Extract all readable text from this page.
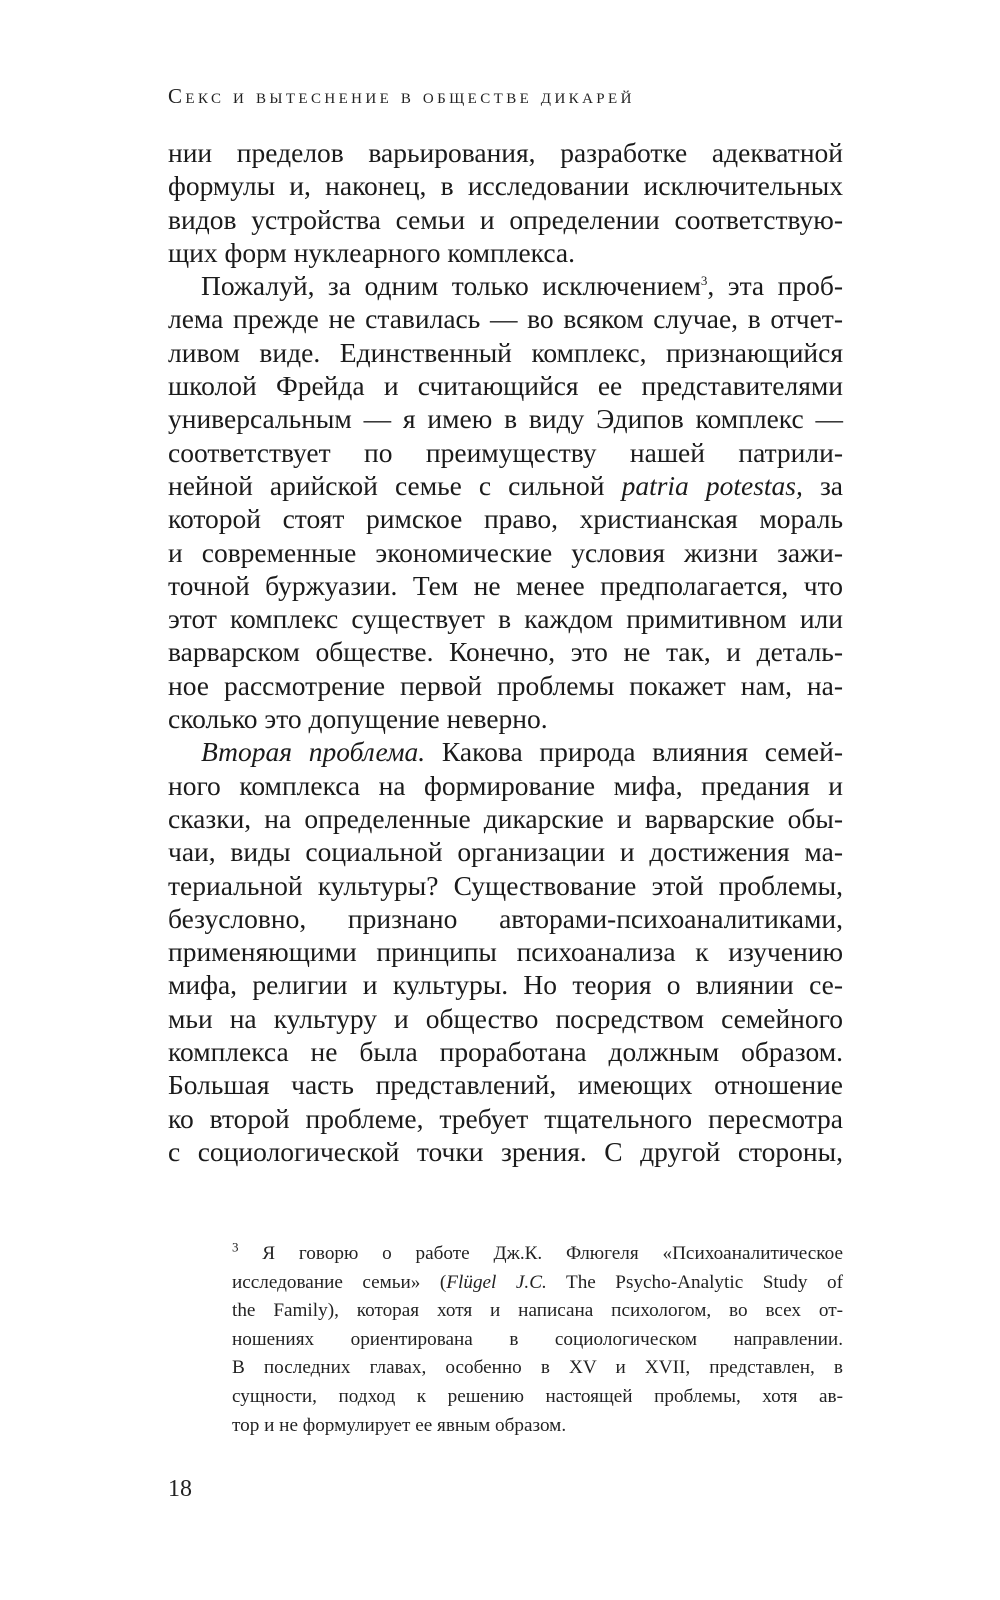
Секс и вытеснение в обществе дикарей
нии пределов варьирования, разработке адекватной
формулы и, наконец, в исследовании исключительных
видов устройства семьи и определении соответствую-
щих форм нуклеарного комплекса.
Пожалуй, за одним только исключением$^3$, эта проб-
лема прежде не ставилась — во всяком случае, в отчет-
ливом виде. Единственный комплекс, признающийся
школой Фрейда и считающийся ее представителями
универсальным — я имею в виду Эдипов комплекс —
соответствует по преимуществу нашей патрили-
нейной арийской семье с сильной patria potestas, за
которой стоят римское право, христианская мораль
и современные экономические условия жизни зажи-
точной буржуазии. Тем не менее предполагается, что
этот комплекс существует в каждом примитивном или
варварском обществе. Конечно, это не так, и деталь-
ное рассмотрение первой проблемы покажет нам, на-
сколько это допущение неверно.
Вторая проблема. Какова природа влияния семей-
ного комплекса на формирование мифа, предания и
сказки, на определенные дикарские и варварские обы-
чаи, виды социальной организации и достижения ма-
териальной культуры? Существование этой проблемы,
безусловно, признано авторами-психоаналитиками,
применяющими принципы психоанализа к изучению
мифа, религии и культуры. Но теория о влиянии се-
мьи на культуру и общество посредством семейного
комплекса не была проработана должным образом.
Большая часть представлений, имеющих отношение
ко второй проблеме, требует тщательного пересмотра
с социологической точки зрения. С другой стороны,
$^3$ Я говорю о работе Дж.К. Флюгеля «Психоаналитическое
исследование семьи» (Flügel J.C. The Psycho-Analytic Study of
the Family), которая хотя и написана психологом, во всех от-
ношениях ориентирована в социологическом направлении.
В последних главах, особенно в XV и XVII, представлен, в
сущности, подход к решению настоящей проблемы, хотя ав-
тор и не формулирует ее явным образом.
18
